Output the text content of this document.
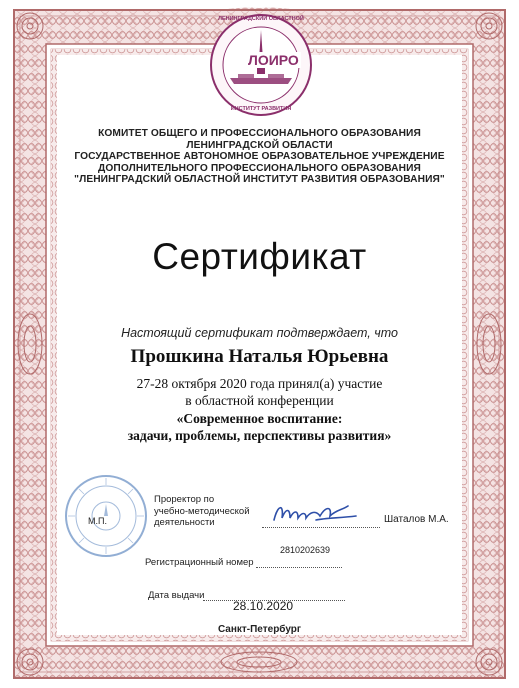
ЛОИРО
ЛЕНИНГРАДСКИЙ ОБЛАСТНОЙ
ИНСТИТУТ РАЗВИТИЯ
КОМИТЕТ ОБЩЕГО И ПРОФЕССИОНАЛЬНОГО ОБРАЗОВАНИЯ
ЛЕНИНГРАДСКОЙ ОБЛАСТИ
ГОСУДАРСТВЕННОЕ АВТОНОМНОЕ ОБРАЗОВАТЕЛЬНОЕ УЧРЕЖДЕНИЕ
ДОПОЛНИТЕЛЬНОГО ПРОФЕССИОНАЛЬНОГО ОБРАЗОВАНИЯ
"ЛЕНИНГРАДСКИЙ ОБЛАСТНОЙ ИНСТИТУТ РАЗВИТИЯ ОБРАЗОВАНИЯ"
Сертификат
Настоящий сертификат подтверждает, что
Прошкина Наталья Юрьевна
27-28 октября 2020 года принял(а) участие
в областной конференции
«Современное воспитание:
задачи, проблемы, перспективы развития»
М.П.
Проректор по
учебно-методической
деятельности	Шаталов М.А.
Регистрационный номер
2810202639
Дата выдачи
28.10.2020
Санкт-Петербург
